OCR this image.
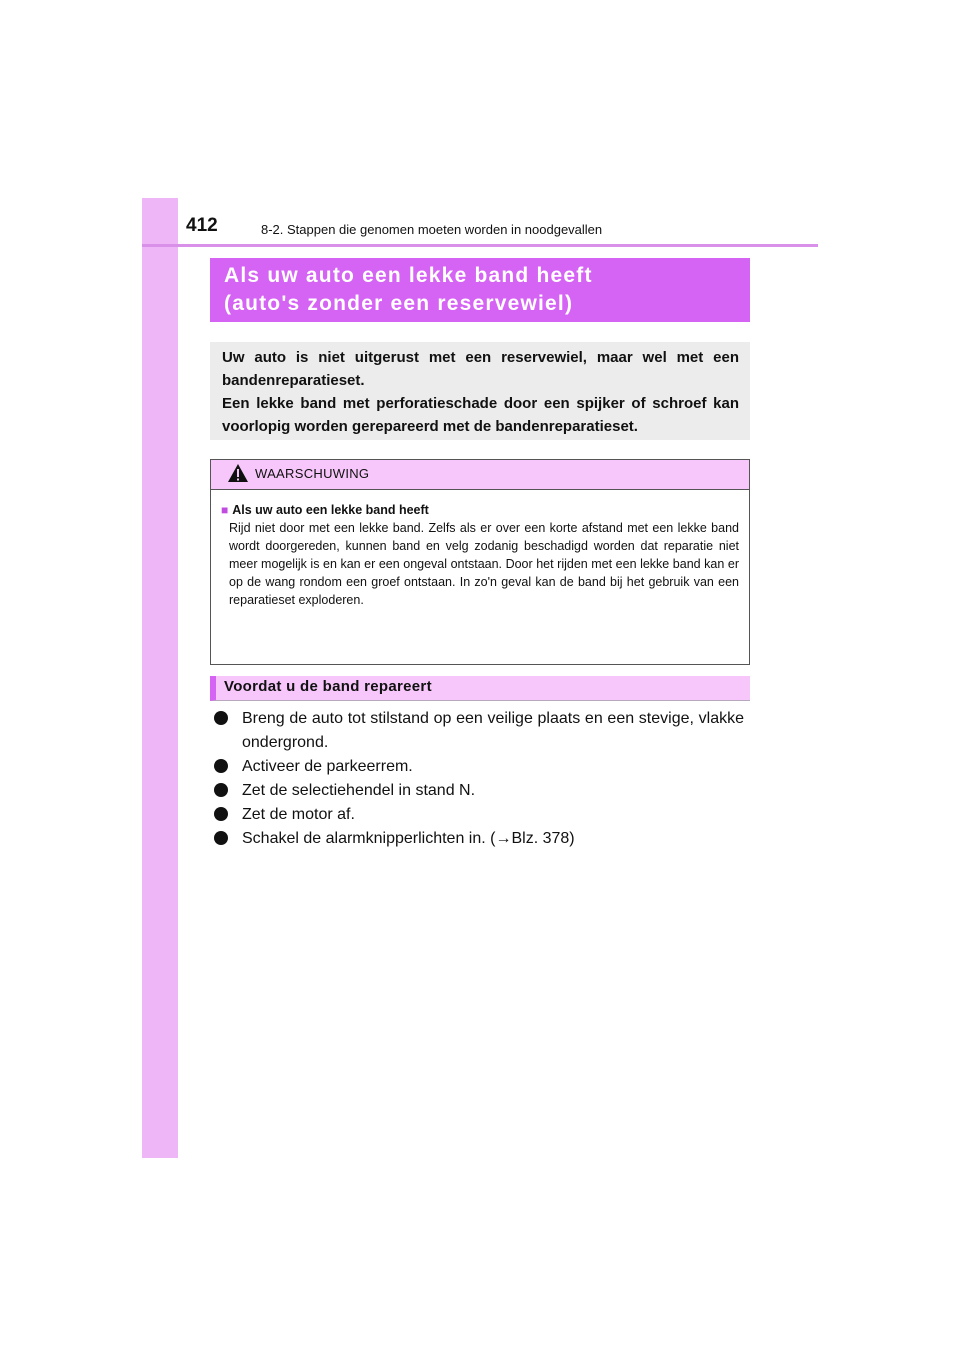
412	8-2. Stappen die genomen moeten worden in noodgevallen
Als uw auto een lekke band heeft
(auto's zonder een reservewiel)

Uw auto is niet uitgerust met een reservewiel, maar wel met een bandenreparatieset.

Een lekke band met perforatieschade door een spijker of schroef kan voorlopig worden gerepareerd met de bandenreparatieset.

WAARSCHUWING
■ Als uw auto een lekke band heeft

Rijd niet door met een lekke band. Zelfs als er over een korte afstand met een lekke band wordt doorgereden, kunnen band en velg zodanig beschadigd worden dat reparatie niet meer mogelijk is en kan er een ongeval ontstaan. Door het rijden met een lekke band kan er op de wang rondom een groef ontstaan. In zo'n geval kan de band bij het gebruik van een reparatieset exploderen.

Voordat u de band repareert
Breng de auto tot stilstand op een veilige plaats en een stevige, vlakke ondergrond.
Activeer de parkeerrem.
Zet de selectiehendel in stand N.
Zet de motor af.
Schakel de alarmknipperlichten in. (→Blz. 378)
